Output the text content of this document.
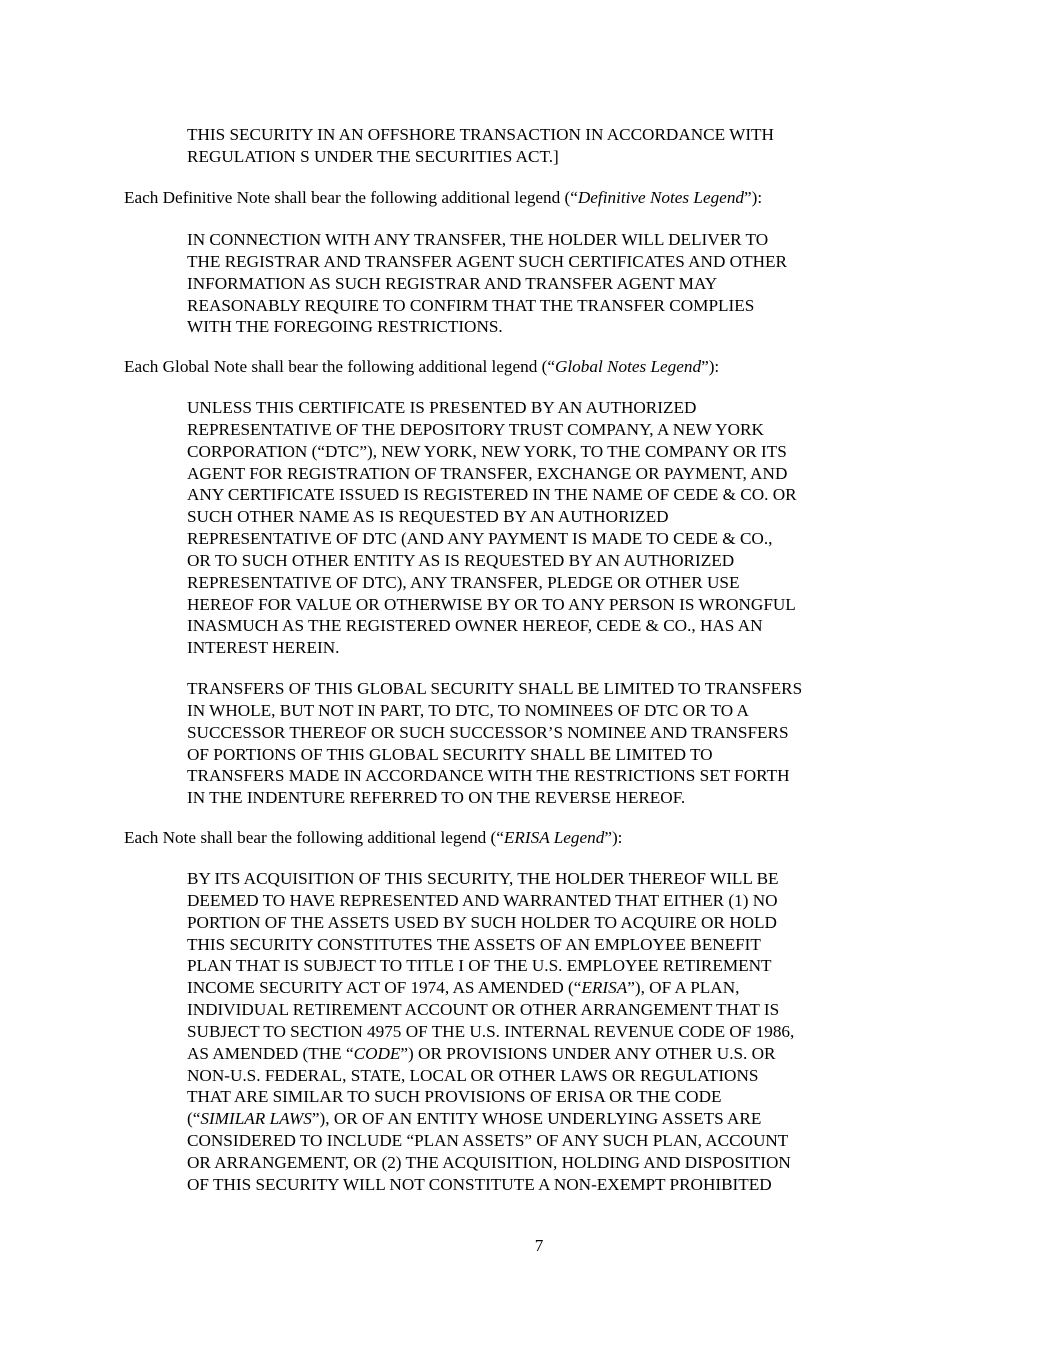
THIS SECURITY IN AN OFFSHORE TRANSACTION IN ACCORDANCE WITH
REGULATION S UNDER THE SECURITIES ACT.]

Each Definitive Note shall bear the following additional legend (“Definitive Notes Legend”):

IN CONNECTION WITH ANY TRANSFER, THE HOLDER WILL DELIVER TO
THE REGISTRAR AND TRANSFER AGENT SUCH CERTIFICATES AND OTHER
INFORMATION AS SUCH REGISTRAR AND TRANSFER AGENT MAY
REASONABLY REQUIRE TO CONFIRM THAT THE TRANSFER COMPLIES
WITH THE FOREGOING RESTRICTIONS.

Each Global Note shall bear the following additional legend (“Global Notes Legend”):

UNLESS THIS CERTIFICATE IS PRESENTED BY AN AUTHORIZED
REPRESENTATIVE OF THE DEPOSITORY TRUST COMPANY, A NEW YORK
CORPORATION (“DTC”), NEW YORK, NEW YORK, TO THE COMPANY OR ITS
AGENT FOR REGISTRATION OF TRANSFER, EXCHANGE OR PAYMENT, AND
ANY CERTIFICATE ISSUED IS REGISTERED IN THE NAME OF CEDE & CO. OR
SUCH OTHER NAME AS IS REQUESTED BY AN AUTHORIZED
REPRESENTATIVE OF DTC (AND ANY PAYMENT IS MADE TO CEDE & CO.,
OR TO SUCH OTHER ENTITY AS IS REQUESTED BY AN AUTHORIZED
REPRESENTATIVE OF DTC), ANY TRANSFER, PLEDGE OR OTHER USE
HEREOF FOR VALUE OR OTHERWISE BY OR TO ANY PERSON IS WRONGFUL
INASMUCH AS THE REGISTERED OWNER HEREOF, CEDE & CO., HAS AN
INTEREST HEREIN.

TRANSFERS OF THIS GLOBAL SECURITY SHALL BE LIMITED TO TRANSFERS
IN WHOLE, BUT NOT IN PART, TO DTC, TO NOMINEES OF DTC OR TO A
SUCCESSOR THEREOF OR SUCH SUCCESSOR’S NOMINEE AND TRANSFERS
OF PORTIONS OF THIS GLOBAL SECURITY SHALL BE LIMITED TO
TRANSFERS MADE IN ACCORDANCE WITH THE RESTRICTIONS SET FORTH
IN THE INDENTURE REFERRED TO ON THE REVERSE HEREOF.

Each Note shall bear the following additional legend (“ERISA Legend”):

BY ITS ACQUISITION OF THIS SECURITY, THE HOLDER THEREOF WILL BE
DEEMED TO HAVE REPRESENTED AND WARRANTED THAT EITHER (1) NO
PORTION OF THE ASSETS USED BY SUCH HOLDER TO ACQUIRE OR HOLD
THIS SECURITY CONSTITUTES THE ASSETS OF AN EMPLOYEE BENEFIT
PLAN THAT IS SUBJECT TO TITLE I OF THE U.S. EMPLOYEE RETIREMENT
INCOME SECURITY ACT OF 1974, AS AMENDED (“ERISA”), OF A PLAN,
INDIVIDUAL RETIREMENT ACCOUNT OR OTHER ARRANGEMENT THAT IS
SUBJECT TO SECTION 4975 OF THE U.S. INTERNAL REVENUE CODE OF 1986,
AS AMENDED (THE “CODE”) OR PROVISIONS UNDER ANY OTHER U.S. OR
NON-U.S. FEDERAL, STATE, LOCAL OR OTHER LAWS OR REGULATIONS
THAT ARE SIMILAR TO SUCH PROVISIONS OF ERISA OR THE CODE
(“SIMILAR LAWS”), OR OF AN ENTITY WHOSE UNDERLYING ASSETS ARE
CONSIDERED TO INCLUDE “PLAN ASSETS” OF ANY SUCH PLAN, ACCOUNT
OR ARRANGEMENT, OR (2) THE ACQUISITION, HOLDING AND DISPOSITION
OF THIS SECURITY WILL NOT CONSTITUTE A NON-EXEMPT PROHIBITED

7
